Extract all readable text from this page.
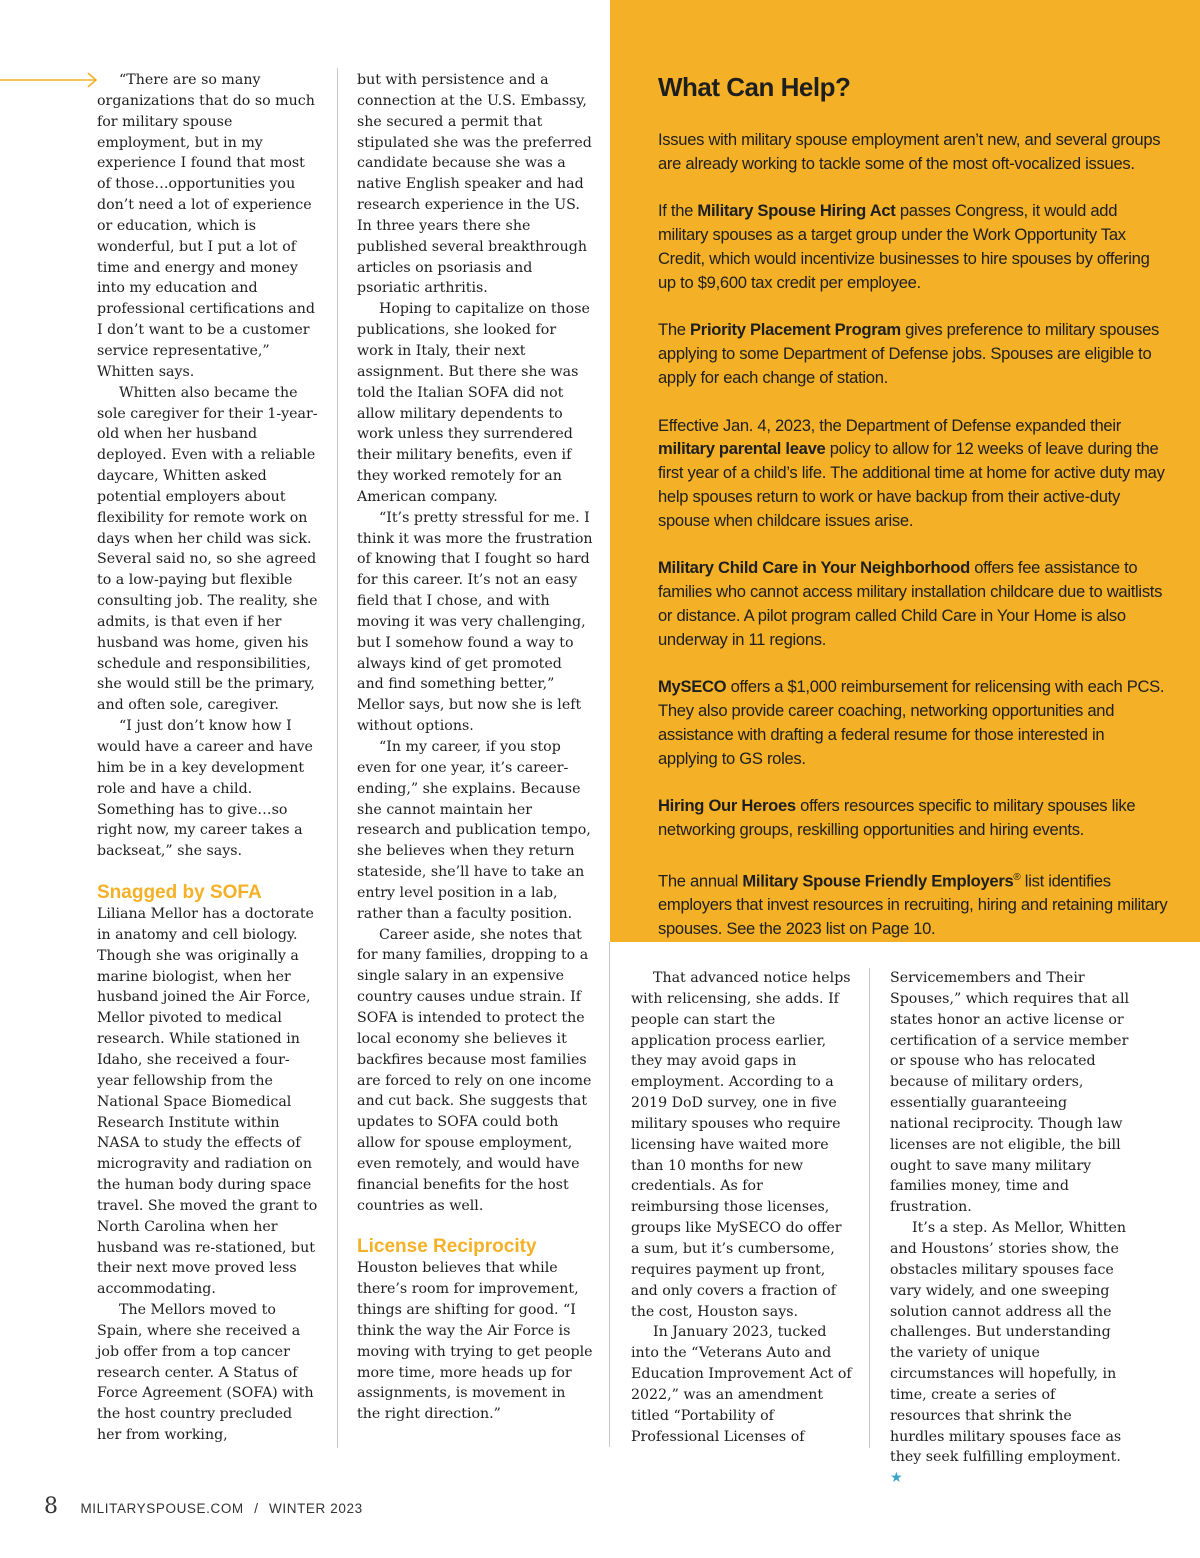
“There are so many organizations that do so much for military spouse employment, but in my experience I found that most of those…opportunities you don’t need a lot of experience or education, which is wonderful, but I put a lot of time and energy and money into my education and professional certifications and I don’t want to be a customer service representative,” Whitten says.

Whitten also became the sole caregiver for their 1-year-old when her husband deployed. Even with a reliable daycare, Whitten asked potential employers about flexibility for remote work on days when her child was sick. Several said no, so she agreed to a low-paying but flexible consulting job. The reality, she admits, is that even if her husband was home, given his schedule and responsibilities, she would still be the primary, and often sole, caregiver.

“I just don’t know how I would have a career and have him be in a key development role and have a child. Something has to give…so right now, my career takes a backseat,” she says.

Snagged by SOFA

Liliana Mellor has a doctorate in anatomy and cell biology. Though she was originally a marine biologist, when her husband joined the Air Force, Mellor pivoted to medical research. While stationed in Idaho, she received a four-year fellowship from the National Space Biomedical Research Institute within NASA to study the effects of microgravity and radiation on the human body during space travel. She moved the grant to North Carolina when her husband was re-stationed, but their next move proved less accommodating.

The Mellors moved to Spain, where she received a job offer from a top cancer research center. A Status of Force Agreement (SOFA) with the host country precluded her from working,

but with persistence and a connection at the U.S. Embassy, she secured a permit that stipulated she was the preferred candidate because she was a native English speaker and had research experience in the US. In three years there she published several breakthrough articles on psoriasis and psoriatic arthritis.

Hoping to capitalize on those publications, she looked for work in Italy, their next assignment. But there she was told the Italian SOFA did not allow military dependents to work unless they surrendered their military benefits, even if they worked remotely for an American company.

“It’s pretty stressful for me. I think it was more the frustration of knowing that I fought so hard for this career. It’s not an easy field that I chose, and with moving it was very challenging, but I somehow found a way to always kind of get promoted and find something better,” Mellor says, but now she is left without options.

“In my career, if you stop even for one year, it’s career-ending,” she explains. Because she cannot maintain her research and publication tempo, she believes when they return stateside, she’ll have to take an entry level position in a lab, rather than a faculty position.

Career aside, she notes that for many families, dropping to a single salary in an expensive country causes undue strain. If SOFA is intended to protect the local economy she believes it backfires because most families are forced to rely on one income and cut back. She suggests that updates to SOFA could both allow for spouse employment, even remotely, and would have financial benefits for the host countries as well.

License Reciprocity

Houston believes that while there’s room for improvement, things are shifting for good. “I think the way the Air Force is moving with trying to get people more time, more heads up for assignments, is movement in the right direction.”

What Can Help?

Issues with military spouse employment aren’t new, and several groups are already working to tackle some of the most oft-vocalized issues.

If the Military Spouse Hiring Act passes Congress, it would add military spouses as a target group under the Work Opportunity Tax Credit, which would incentivize businesses to hire spouses by offering up to $9,600 tax credit per employee.

The Priority Placement Program gives preference to military spouses applying to some Department of Defense jobs. Spouses are eligible to apply for each change of station.

Effective Jan. 4, 2023, the Department of Defense expanded their military parental leave policy to allow for 12 weeks of leave during the first year of a child’s life. The additional time at home for active duty may help spouses return to work or have backup from their active-duty spouse when childcare issues arise.

Military Child Care in Your Neighborhood offers fee assistance to families who cannot access military installation childcare due to waitlists or distance. A pilot program called Child Care in Your Home is also underway in 11 regions.

MySECO offers a $1,000 reimbursement for relicensing with each PCS. They also provide career coaching, networking opportunities and assistance with drafting a federal resume for those interested in applying to GS roles.

Hiring Our Heroes offers resources specific to military spouses like networking groups, reskilling opportunities and hiring events.

The annual Military Spouse Friendly Employers® list identifies employers that invest resources in recruiting, hiring and retaining military spouses. See the 2023 list on Page 10.

That advanced notice helps with relicensing, she adds. If people can start the application process earlier, they may avoid gaps in employment. According to a 2019 DoD survey, one in five military spouses who require licensing have waited more than 10 months for new credentials. As for reimbursing those licenses, groups like MySECO do offer a sum, but it’s cumbersome, requires payment up front, and only covers a fraction of the cost, Houston says.

In January 2023, tucked into the “Veterans Auto and Education Improvement Act of 2022,” was an amendment titled “Portability of Professional Licenses of

Servicemembers and Their Spouses,” which requires that all states honor an active license or certification of a service member or spouse who has relocated because of military orders, essentially guaranteeing national reciprocity. Though law licenses are not eligible, the bill ought to save many military families money, time and frustration.

It’s a step. As Mellor, Whitten and Houstons’ stories show, the obstacles military spouses face vary widely, and one sweeping solution cannot address all the challenges. But understanding the variety of unique circumstances will hopefully, in time, create a series of resources that shrink the hurdles military spouses face as they seek fulfilling employment. ★

8 MILITARYSPOUSE.COM / WINTER 2023
